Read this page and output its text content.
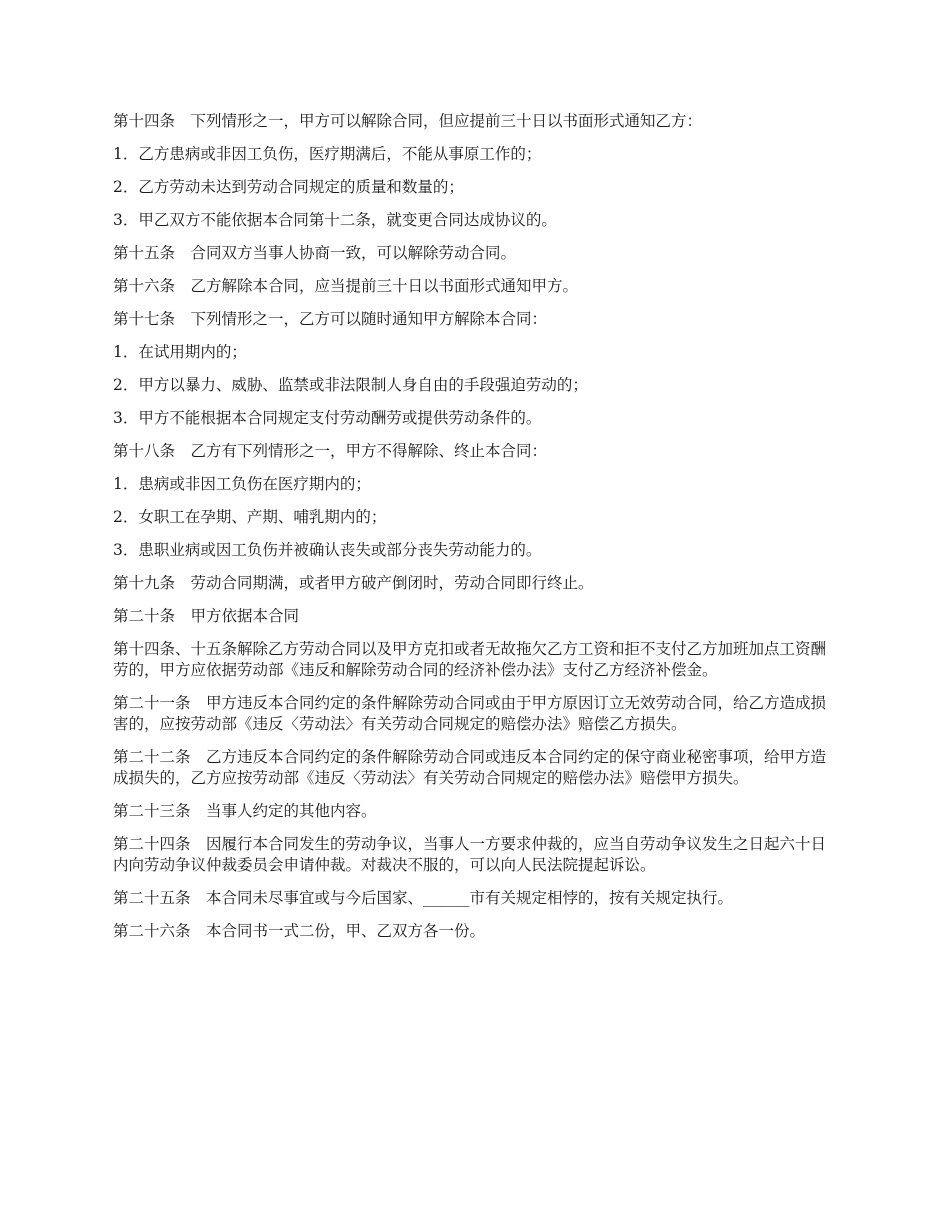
第十四条　下列情形之一，甲方可以解除合同，但应提前三十日以书面形式通知乙方：

1．乙方患病或非因工负伤，医疗期满后，不能从事原工作的；

2．乙方劳动未达到劳动合同规定的质量和数量的；

3．甲乙双方不能依据本合同第十二条，就变更合同达成协议的。

第十五条　合同双方当事人协商一致，可以解除劳动合同。

第十六条　乙方解除本合同，应当提前三十日以书面形式通知甲方。

第十七条　下列情形之一，乙方可以随时通知甲方解除本合同：

1．在试用期内的；

2．甲方以暴力、威胁、监禁或非法限制人身自由的手段强迫劳动的；

3．甲方不能根据本合同规定支付劳动酬劳或提供劳动条件的。

第十八条　乙方有下列情形之一，甲方不得解除、终止本合同：

1．患病或非因工负伤在医疗期内的；

2．女职工在孕期、产期、哺乳期内的；

3．患职业病或因工负伤并被确认丧失或部分丧失劳动能力的。

第十九条　劳动合同期满，或者甲方破产倒闭时，劳动合同即行终止。

第二十条　甲方依据本合同

第十四条、十五条解除乙方劳动合同以及甲方克扣或者无故拖欠乙方工资和拒不支付乙方加班加点工资酬劳的，甲方应依据劳动部《违反和解除劳动合同的经济补偿办法》支付乙方经济补偿金。

第二十一条　甲方违反本合同约定的条件解除劳动合同或由于甲方原因订立无效劳动合同，给乙方造成损害的，应按劳动部《违反〈劳动法〉有关劳动合同规定的赔偿办法》赔偿乙方损失。

第二十二条　乙方违反本合同约定的条件解除劳动合同或违反本合同约定的保守商业秘密事项，给甲方造成损失的，乙方应按劳动部《违反〈劳动法〉有关劳动合同规定的赔偿办法》赔偿甲方损失。

第二十三条　当事人约定的其他内容。

第二十四条　因履行本合同发生的劳动争议，当事人一方要求仲裁的，应当自劳动争议发生之日起六十日内向劳动争议仲裁委员会申请仲裁。对裁决不服的，可以向人民法院提起诉讼。

第二十五条　本合同未尽事宜或与今后国家、______市有关规定相悖的，按有关规定执行。

第二十六条　本合同书一式二份，甲、乙双方各一份。
